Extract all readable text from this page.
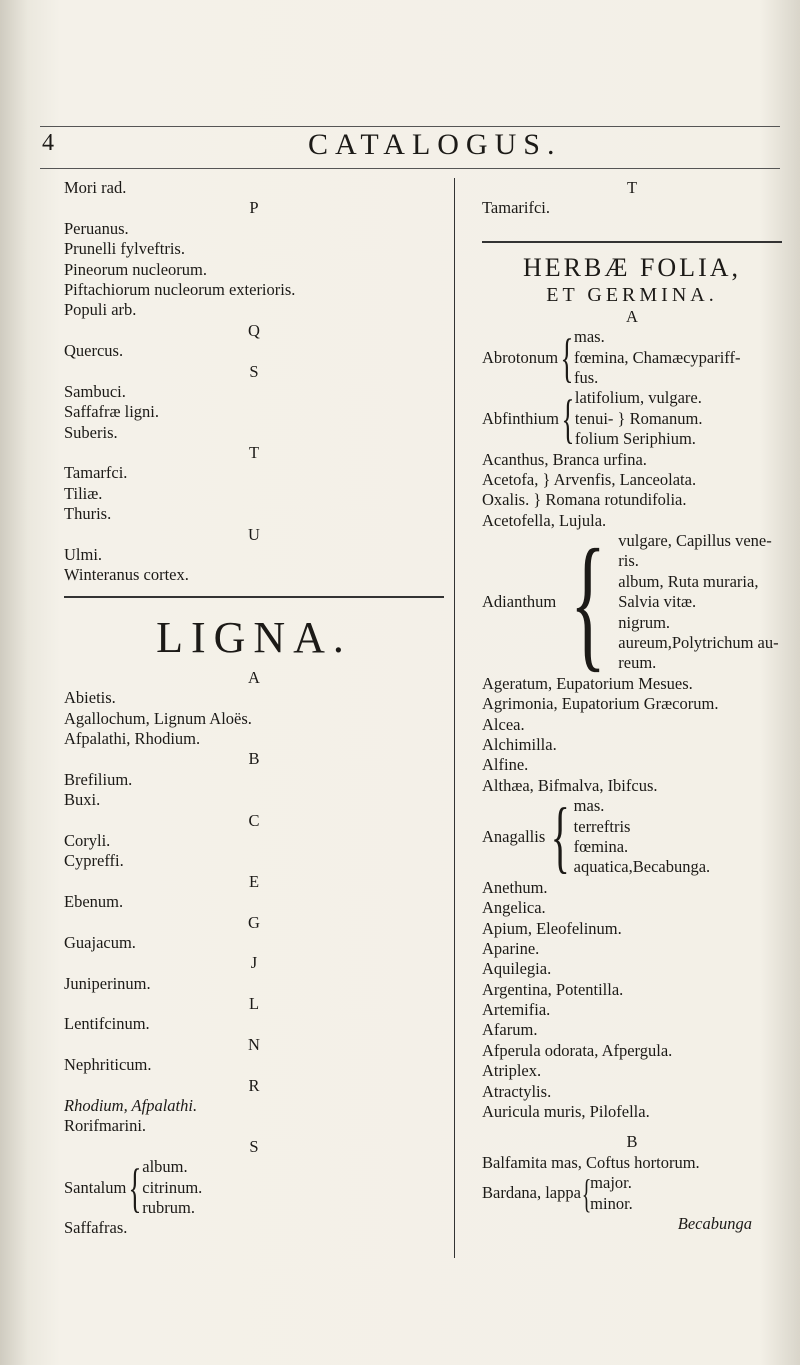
4	CATALOGUS.
Mori rad.
P
Peruanus.
Prunelli fylveftris.
Pineorum nucleorum.
Piftachiorum nucleorum exterioris.
Populi arb.
Q
Quercus.
S
Sambuci.
Saffafræ ligni.
Suberis.
T
Tamarfci.
Tiliæ.
Thuris.
U
Ulmi.
Winteranus cortex.
LIGNA.
A
Abietis.
Agallochum, Lignum Aloës.
Afpalathi, Rhodium.
B
Brefilium.
Buxi.
C
Coryli.
Cypreffi.
E
Ebenum.
G
Guajacum.
J
Juniperinum.
L
Lentifcinum.
N
Nephriticum.
R
Rhodium, Afpalathi.
Rorifmarini.
S
Santalum { album.
citrinum.
rubrum.
Saffafras.
T
Tamarifci.
HERBÆ FOLIA,
ET GERMINA.
A
Abrotonum { mas.
fœmina, Chamæcypariff-
fus.
Abfinthium { latifolium, vulgare.
tenui- } Romanum.
folium Seriphium.
Acanthus, Branca urfina.
Acetofa, } Arvenfis, Lanceolata.
Oxalis. } Romana rotundifolia.
Acetofella, Lujula.
Adianthum { vulgare, Capillus vene-
ris.
album, Ruta muraria,
Salvia vitæ.
nigrum.
aureum,Polytrichum au-
reum.
Ageratum, Eupatorium Mesues.
Agrimonia, Eupatorium Græcorum.
Alcea.
Alchimilla.
Alfine.
Althæa, Bifmalva, Ibifcus.
Anagallis { mas.
terreftris
fœmina.
aquatica,Becabunga.
Anethum.
Angelica.
Apium, Eleofelinum.
Aparine.
Aquilegia.
Argentina, Potentilla.
Artemifia.
Afarum.
Afperula odorata, Afpergula.
Atriplex.
Atractylis.
Auricula muris, Pilofella.
B
Balfamita mas, Coftus hortorum.
Bardana, lappa {
major.
minor.
Becabunga
